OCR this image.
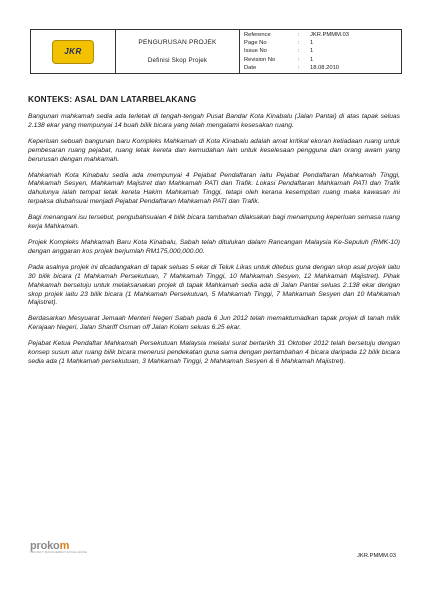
JKR
PENGURUSAN PROJEK
Definisi Skop Projek
Reference	:	JKR.PMMM.03
Page No	:	1
Issue No	:	1
Revision No	:	1
Date	:	18.08.2010
KONTEKS: ASAL DAN LATARBELAKANG

Bangunan mahkamah sedia ada terletak di tengah-tengah Pusat Bandar Kota Kinabalu (Jalan Pantai) di atas tapak seluas 2.138 ekar yang mempunyai 14 buah bilik bicara yang telah mengalami kesesakan ruang.

Keperluan sebuah bangunan baru Kompleks Mahkamah di Kota Kinabalu adalah amat kritikal ekoran ketiadaan ruang untuk pembesaran ruang pejabat, ruang letak kereta dan kemudahan lain untuk keselesaan pengguna dan orang awam yang berurusan dengan mahkamah.

Mahkamah Kota Kinabalu sedia ada mempunyai 4 Pejabat Pendaftaran iaitu Pejabat Pendaftaran Mahkamah Tinggi, Mahkamah Sesyen, Mahkamah Majistret dan Mahkamah PATI dan Trafik. Lokasi Pendaftaran Mahkamah PATI dan Trafik dahulunya ialah tempat letak kereta Hakim Mahkamah Tinggi, tetapi oleh kerana kesempitan ruang maka kawasan ini terpaksa diubahsuai menjadi Pejabat Pendaftaran Mahkamah PATI dan Trafik.

Bagi menangani isu tersebut, pengubahsuaian 4 bilik bicara tambahan dilaksakan bagi menampung keperluan semasa ruang kerja Mahkamah.

Projek Kompleks Mahkamah Baru Kota Kinabalu, Sabah telah ditulukan dalam Rancangan Malaysia Ke-Sepuluh (RMK-10) dengan anggaran kos projek berjumlah RM175,000,000.00.

Pada asalnya projek ini dicadangakan di tapak seluas 5 ekar di Teluk Likas untuk ditebus guna dengan skop asal projek iaitu 30 bilik bicara (1 Mahkamah Persekutuan, 7 Mahkamah Tinggi, 10 Mahkamah Sesyen, 12 Mahkamah Majistret). Pihak Mahkamah bersetuju untuk melaksanakan projek di tapak Mahkamah sedia ada di Jalan Pantai seluas 2.138 ekar dengan skop projek iaitu 23 bilik bicara (1 Mahkamah Persekutuan, 5 Mahkamah Tinggi, 7 Mahkamah Sesyen dan 10 Mahkamah Majistret).

Berdasarkan Mesyuarat Jemaah Menteri Negeri Sabah pada 6 Jun 2012 telah memaktumadkan tapak projek di tanah milik Kerajaan Negeri, Jalan Shariff Osman off Jalan Kolam seluas 6.25 ekar.

Pejabat Ketua Pendaftar Mahkamah Persekutuan Malaysia melalui surat bertarikh 31 Oktober 2012 telah bersetuju dengan konsep susun atur ruang bilik bicara menerusi pendekatan guna sama dengan pertambahan 4 bicara daripada 12 bilik bicara sedia ada (1 Mahkamah persekutuan, 3 Mahkamah Tinggi, 2 Mahkamah Sesyen & 6 Mahkamah Majistret).

prokom
PROJECT MANAGEMENT EXCELLENCE
JKR.PMMM.03
